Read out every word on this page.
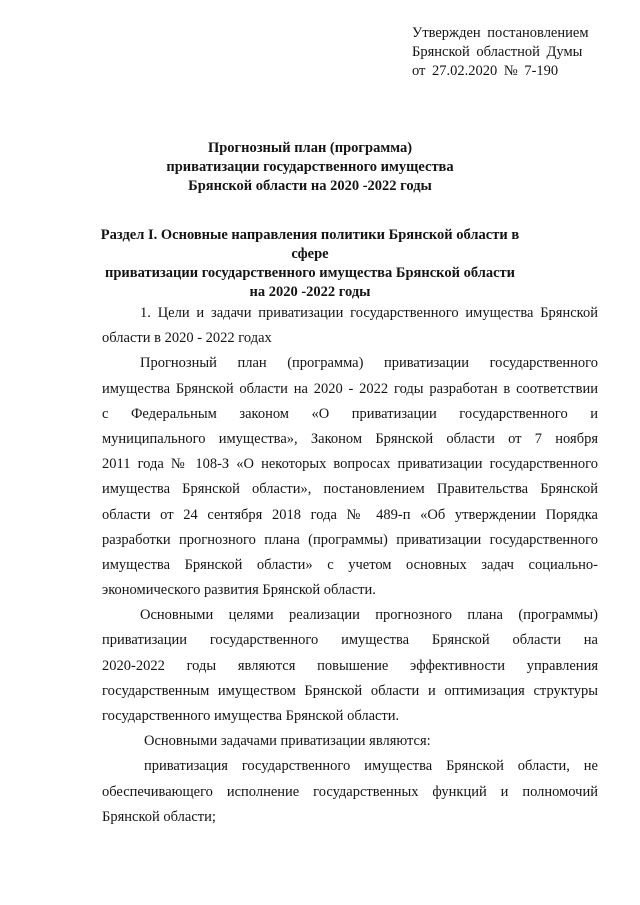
Утвержден постановлением
Брянской областной Думы
от 27.02.2020 № 7-190
Прогнозный план (программа)
приватизации государственного имущества
Брянской области на 2020 -2022 годы
Раздел I. Основные направления политики Брянской области в сфере
приватизации государственного имущества Брянской области
на 2020 -2022 годы
1. Цели и задачи приватизации государственного имущества Брянской
области в 2020 - 2022 годах
Прогнозный план (программа) приватизации государственного
имущества Брянской области на 2020 - 2022 годы разработан в соответствии
с Федеральным законом «О приватизации государственного и
муниципального имущества», Законом Брянской области от 7 ноября
2011 года № 108-З «О некоторых вопросах приватизации государственного
имущества Брянской области», постановлением Правительства Брянской
области от 24 сентября 2018 года № 489-п «Об утверждении Порядка
разработки прогнозного плана (программы) приватизации государственного
имущества Брянской области» с учетом основных задач социально-
экономического развития Брянской области.
Основными целями реализации прогнозного плана (программы)
приватизации государственного имущества Брянской области на
2020-2022 годы являются повышение эффективности управления
государственным имуществом Брянской области и оптимизация структуры
государственного имущества Брянской области.
Основными задачами приватизации являются:
приватизация государственного имущества Брянской области, не
обеспечивающего исполнение государственных функций и полномочий
Брянской области;
